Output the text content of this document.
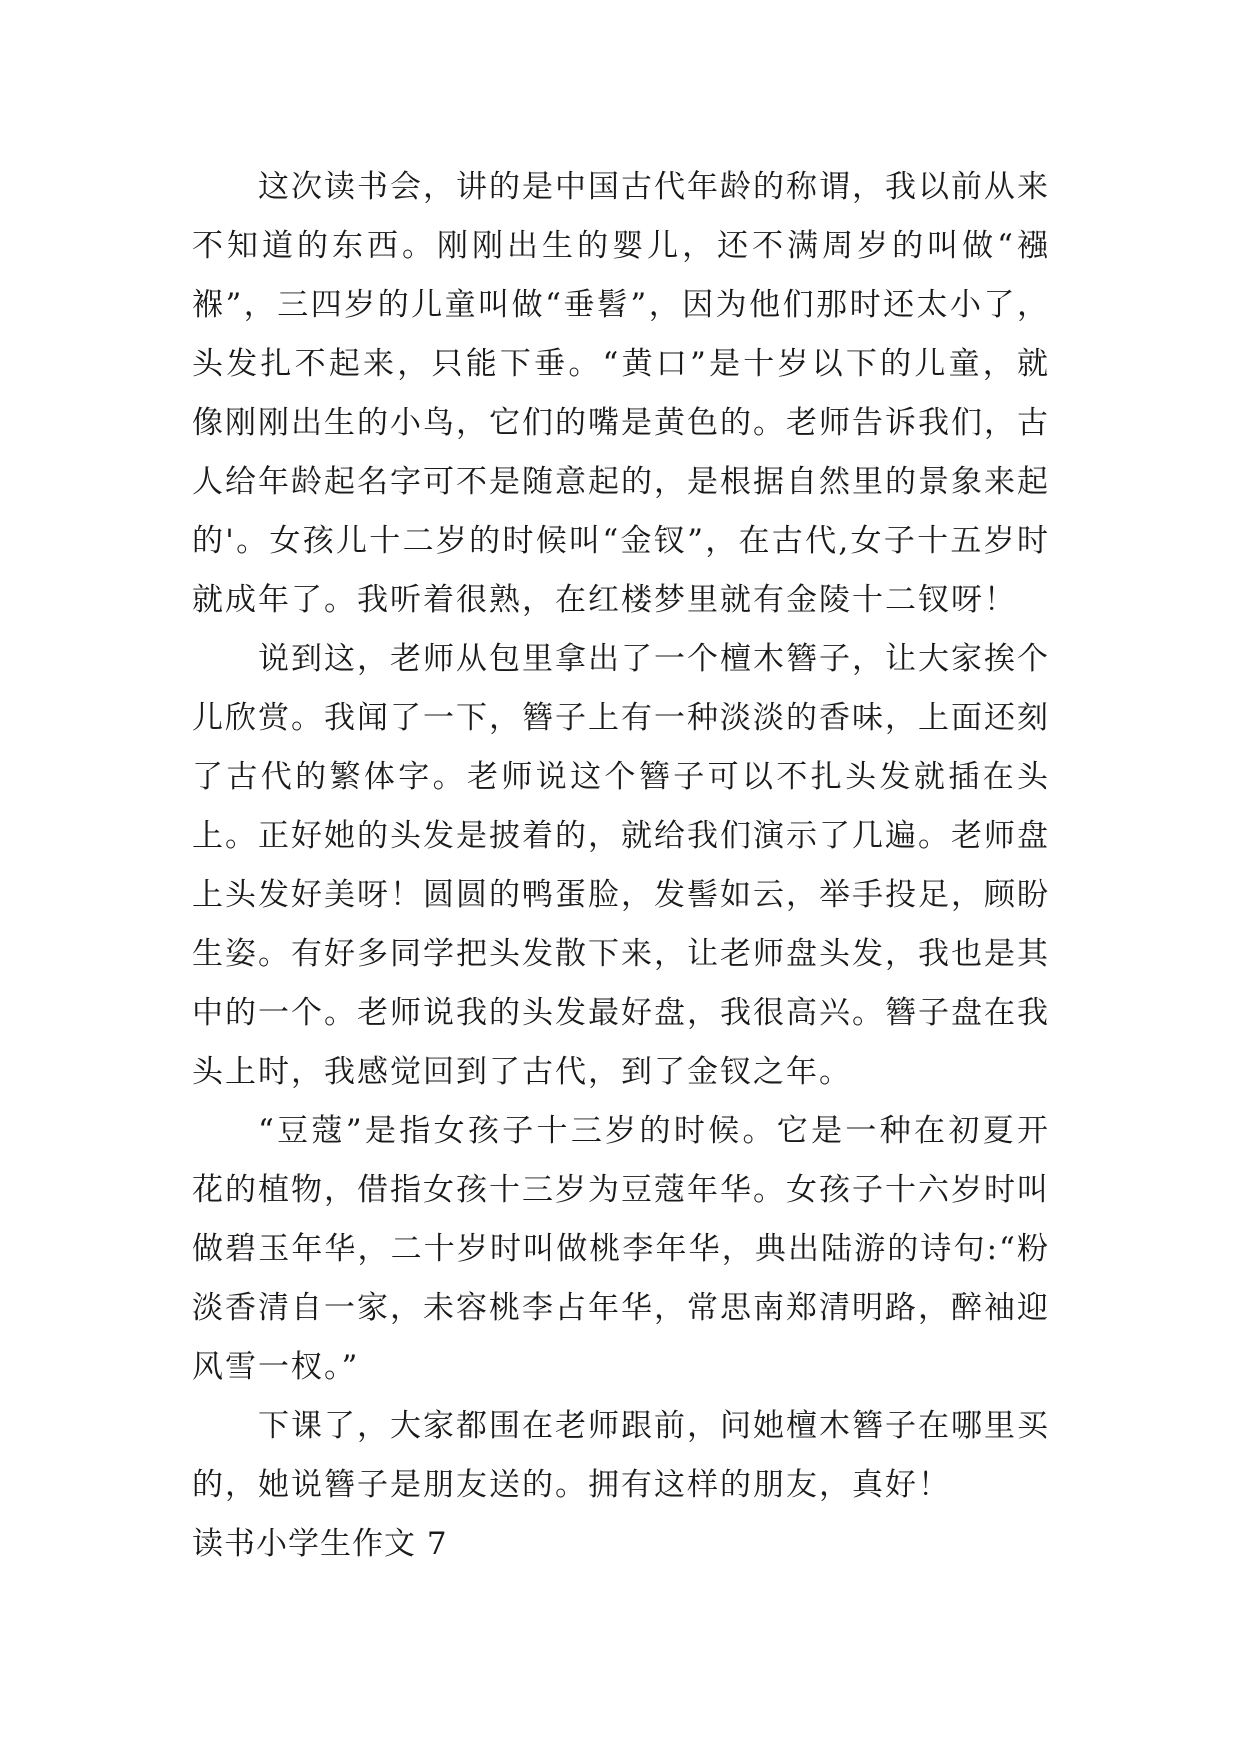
这次读书会，讲的是中国古代年龄的称谓，我以前从来不知道的东西。刚刚出生的婴儿，还不满周岁的叫做“襁褓”，三四岁的儿童叫做“垂髫”，因为他们那时还太小了，头发扎不起来，只能下垂。“黄口”是十岁以下的儿童，就像刚刚出生的小鸟，它们的嘴是黄色的。老师告诉我们，古人给年龄起名字可不是随意起的，是根据自然里的景象来起的'。女孩儿十二岁的时候叫“金钗”，在古代,女子十五岁时就成年了。我听着很熟，在红楼梦里就有金陵十二钗呀！

说到这，老师从包里拿出了一个檀木簪子，让大家挨个儿欣赏。我闻了一下，簪子上有一种淡淡的香味，上面还刻了古代的繁体字。老师说这个簪子可以不扎头发就插在头上。正好她的头发是披着的，就给我们演示了几遍。老师盘上头发好美呀！圆圆的鸭蛋脸，发髻如云，举手投足，顾盼生姿。有好多同学把头发散下来，让老师盘头发，我也是其中的一个。老师说我的头发最好盘，我很高兴。簪子盘在我头上时，我感觉回到了古代，到了金钗之年。

“豆蔻”是指女孩子十三岁的时候。它是一种在初夏开花的植物，借指女孩十三岁为豆蔻年华。女孩子十六岁时叫做碧玉年华，二十岁时叫做桃李年华，典出陆游的诗句:“粉淡香清自一家，未容桃李占年华，常思南郑清明路，醉袖迎风雪一杈。”

下课了，大家都围在老师跟前，问她檀木簪子在哪里买的，她说簪子是朋友送的。拥有这样的朋友，真好！

读书小学生作文 7
